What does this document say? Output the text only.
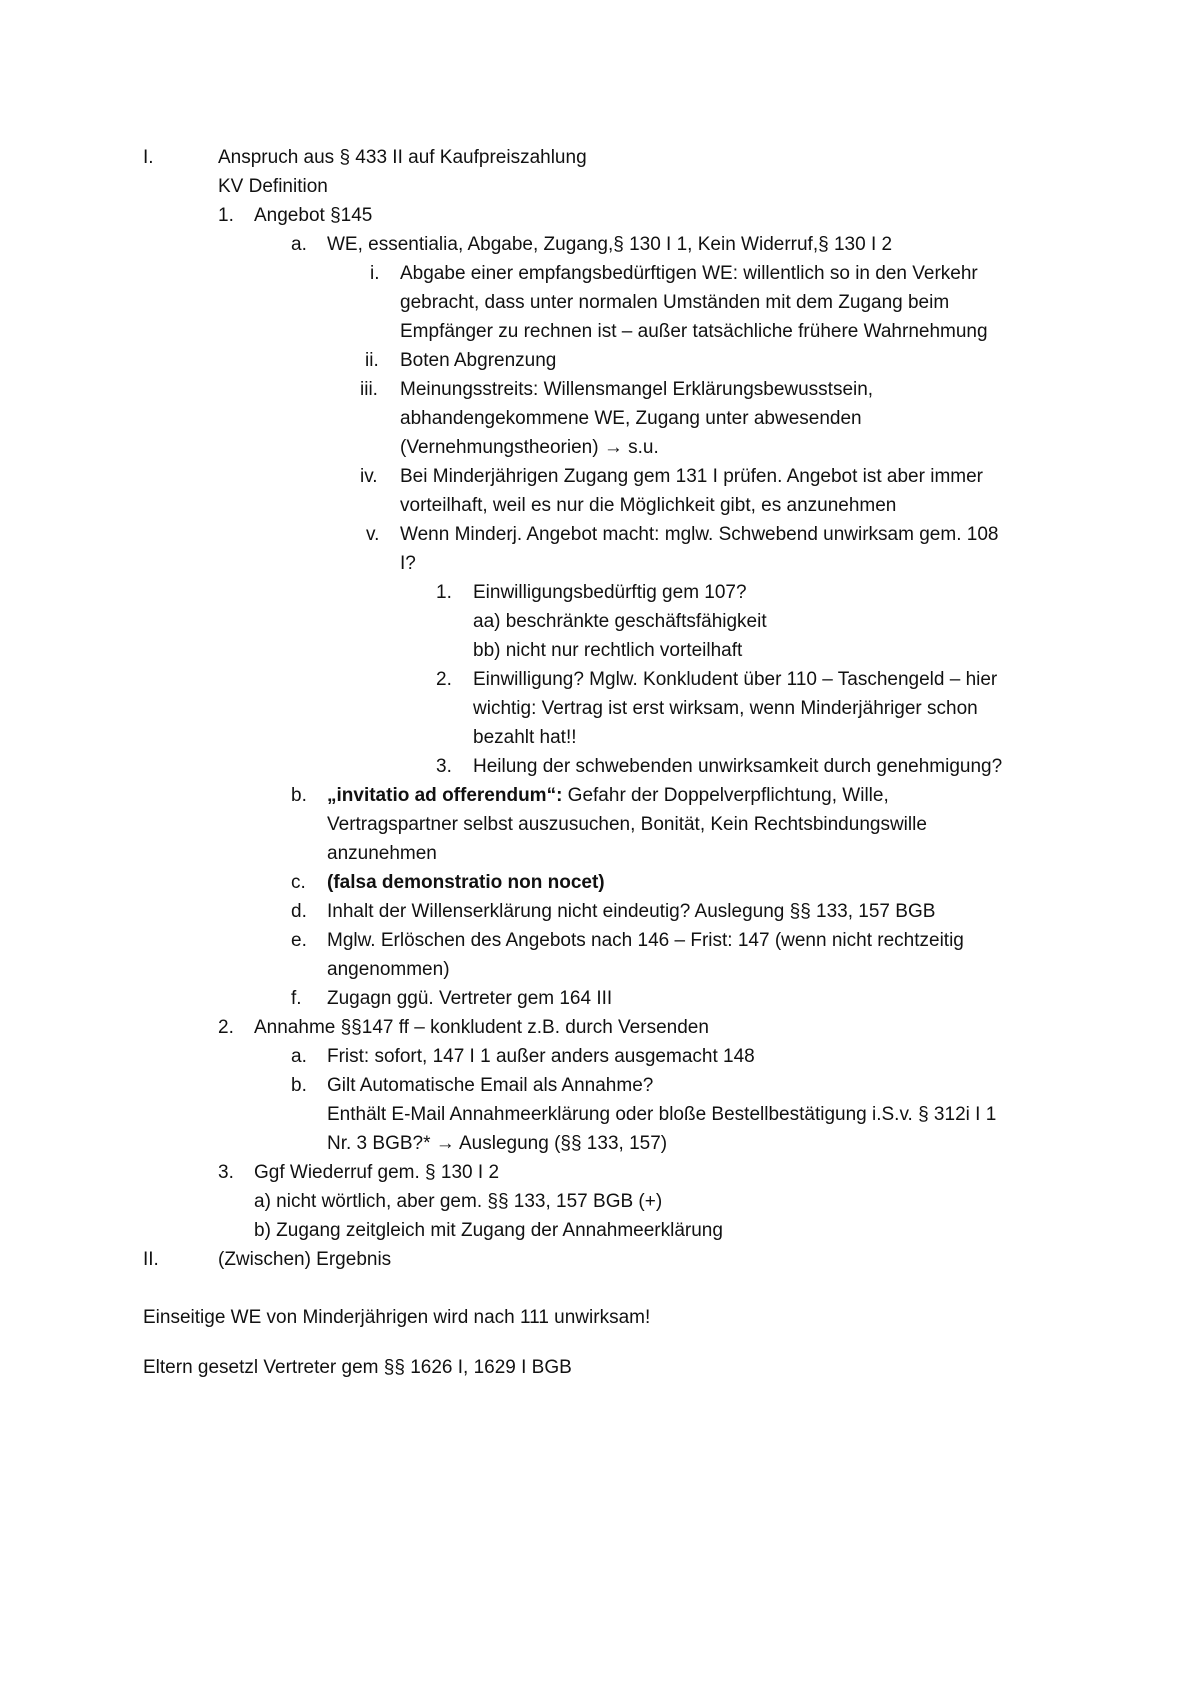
I.	Anspruch aus § 433 II auf Kaufpreiszahlung
KV Definition
1. Angebot §145
a. WE, essentialia, Abgabe, Zugang,§ 130 I 1, Kein Widerruf,§ 130 I 2
i. Abgabe einer empfangsbedürftigen WE: willentlich so in den Verkehr
gebracht, dass unter normalen Umständen mit dem Zugang beim
Empfänger zu rechnen ist – außer tatsächliche frühere Wahrnehmung
ii. Boten Abgrenzung
iii. Meinungsstreits: Willensmangel Erklärungsbewusstsein,
abhandengekommene WE, Zugang unter abwesenden
(Vernehmungstheorien) → s.u.
iv. Bei Minderjährigen Zugang gem 131 I prüfen. Angebot ist aber immer
vorteilhaft, weil es nur die Möglichkeit gibt, es anzunehmen
v. Wenn Minderj. Angebot macht: mglw. Schwebend unwirksam gem. 108
I?
1. Einwilligungsbedürftig gem 107?
aa) beschränkte geschäftsfähigkeit
bb) nicht nur rechtlich vorteilhaft
2. Einwilligung? Mglw. Konkludent über 110 – Taschengeld – hier
wichtig: Vertrag ist erst wirksam, wenn Minderjähriger schon
bezahlt hat!!
3. Heilung der schwebenden unwirksamkeit durch genehmigung?
b. „invitatio ad offerendum“: Gefahr der Doppelverpflichtung, Wille,
Vertragspartner selbst auszusuchen, Bonität, Kein Rechtsbindungswille
anzunehmen
c. (falsa demonstratio non nocet)
d. Inhalt der Willenserklärung nicht eindeutig? Auslegung §§ 133, 157 BGB
e. Mglw. Erlöschen des Angebots nach 146 – Frist: 147 (wenn nicht rechtzeitig
angenommen)
f. Zugagn ggü. Vertreter gem 164 III
2. Annahme §§147 ff – konkludent z.B. durch Versenden
a. Frist: sofort, 147 I 1 außer anders ausgemacht 148
b. Gilt Automatische Email als Annahme?
Enthält E-Mail Annahmeerklärung oder bloße Bestellbestätigung i.S.v. § 312i I 1
Nr. 3 BGB?* → Auslegung (§§ 133, 157)
3. Ggf Wiederruf gem. § 130 I 2
a) nicht wörtlich, aber gem. §§ 133, 157 BGB (+)
b) Zugang zeitgleich mit Zugang der Annahmeerklärung
II.	(Zwischen) Ergebnis
Einseitige WE von Minderjährigen wird nach 111 unwirksam!
Eltern gesetzl Vertreter gem §§ 1626 I, 1629 I BGB
